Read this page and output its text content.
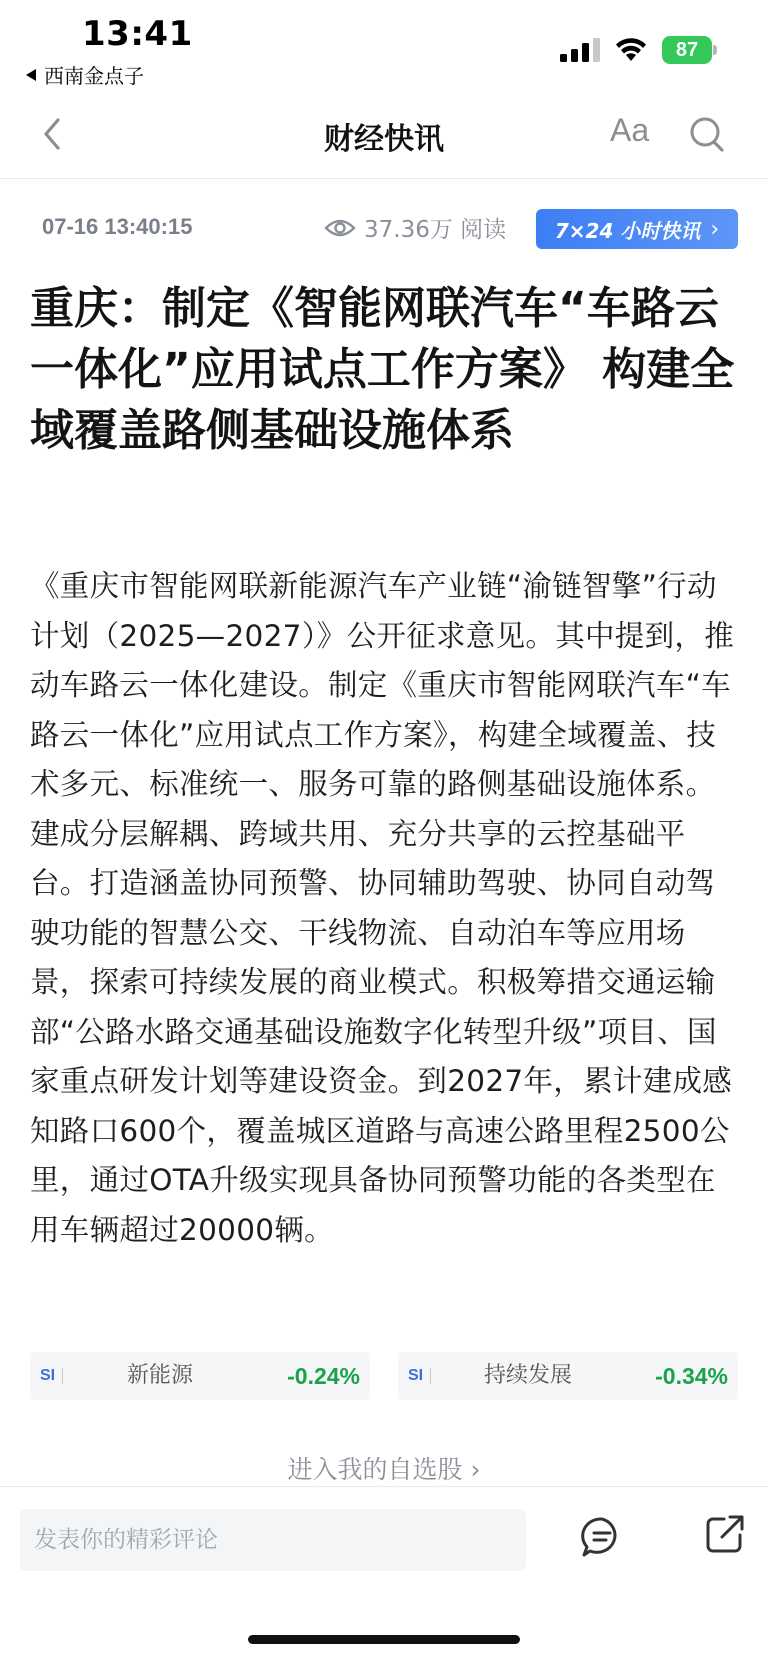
13:41
西南金点子
87
财经快讯	Aa
07-16 13:40:15	37.36万 阅读 7×24 小时快讯 ›
重庆：制定《智能网联汽车“车路云一体化”应用试点工作方案》 构建全域覆盖路侧基础设施体系

《重庆市智能网联新能源汽车产业链“渝链智擎”行动计划（2025—2027）》公开征求意见。其中提到，推动车路云一体化建设。制定《重庆市智能网联汽车“车路云一体化”应用试点工作方案》，构建全域覆盖、技术多元、标准统一、服务可靠的路侧基础设施体系。建成分层解耦、跨域共用、充分共享的云控基础平台。打造涵盖协同预警、协同辅助驾驶、协同自动驾驶功能的智慧公交、干线物流、自动泊车等应用场景，探索可持续发展的商业模式。积极筹措交通运输部“公路水路交通基础设施数字化转型升级”项目、国家重点研发计划等建设资金。到2027年，累计建成感知路口600个，覆盖城区道路与高速公路里程2500公里，通过OTA升级实现具备协同预警功能的各类型在用车辆超过20000辆。

SI	新能源	-0.24%	SI	持续发展	-0.34%
进入我的自选股 ›
发表你的精彩评论
